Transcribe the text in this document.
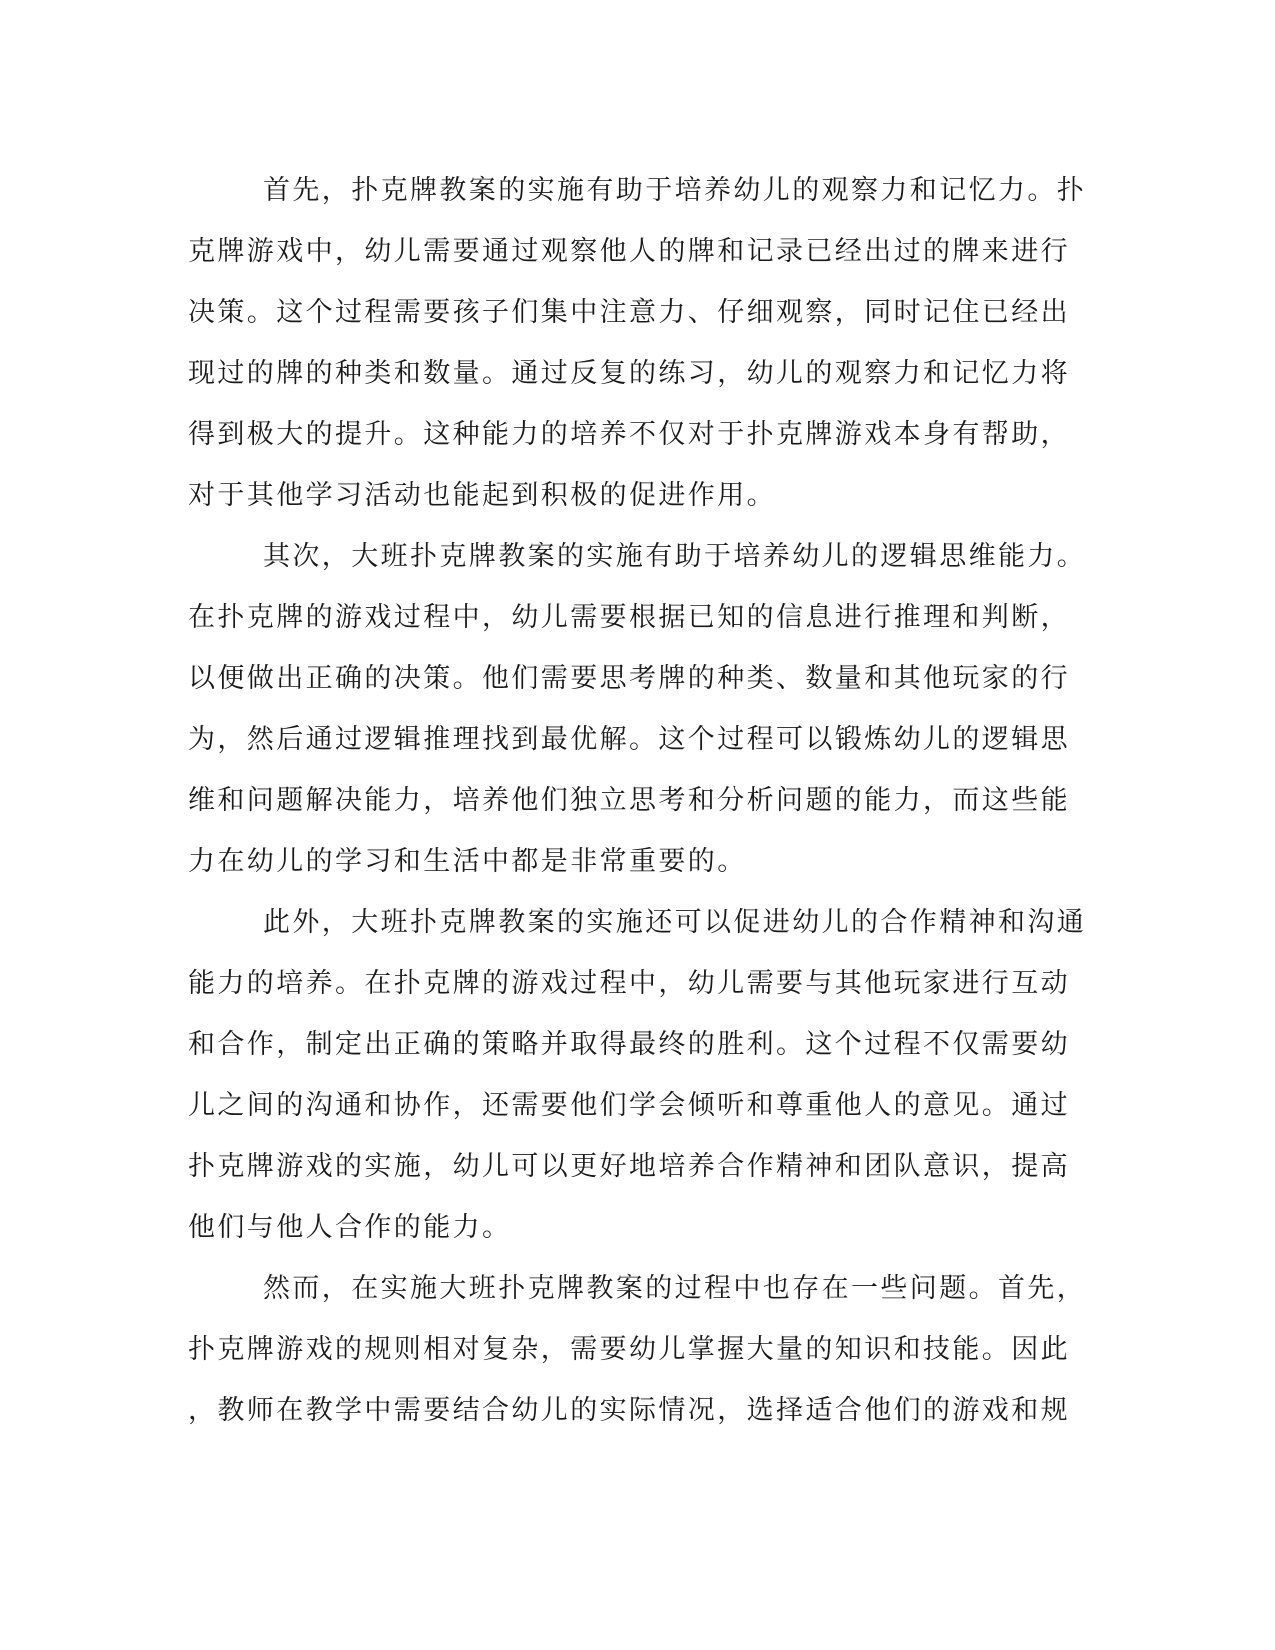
首先，扑克牌教案的实施有助于培养幼儿的观察力和记忆力。扑
克牌游戏中，幼儿需要通过观察他人的牌和记录已经出过的牌来进行
决策。这个过程需要孩子们集中注意力、仔细观察，同时记住已经出
现过的牌的种类和数量。通过反复的练习，幼儿的观察力和记忆力将
得到极大的提升。这种能力的培养不仅对于扑克牌游戏本身有帮助，
对于其他学习活动也能起到积极的促进作用。
其次，大班扑克牌教案的实施有助于培养幼儿的逻辑思维能力。
在扑克牌的游戏过程中，幼儿需要根据已知的信息进行推理和判断，
以便做出正确的决策。他们需要思考牌的种类、数量和其他玩家的行
为，然后通过逻辑推理找到最优解。这个过程可以锻炼幼儿的逻辑思
维和问题解决能力，培养他们独立思考和分析问题的能力，而这些能
力在幼儿的学习和生活中都是非常重要的。
此外，大班扑克牌教案的实施还可以促进幼儿的合作精神和沟通
能力的培养。在扑克牌的游戏过程中，幼儿需要与其他玩家进行互动
和合作，制定出正确的策略并取得最终的胜利。这个过程不仅需要幼
儿之间的沟通和协作，还需要他们学会倾听和尊重他人的意见。通过
扑克牌游戏的实施，幼儿可以更好地培养合作精神和团队意识，提高
他们与他人合作的能力。
然而，在实施大班扑克牌教案的过程中也存在一些问题。首先，
扑克牌游戏的规则相对复杂，需要幼儿掌握大量的知识和技能。因此
，教师在教学中需要结合幼儿的实际情况，选择适合他们的游戏和规
